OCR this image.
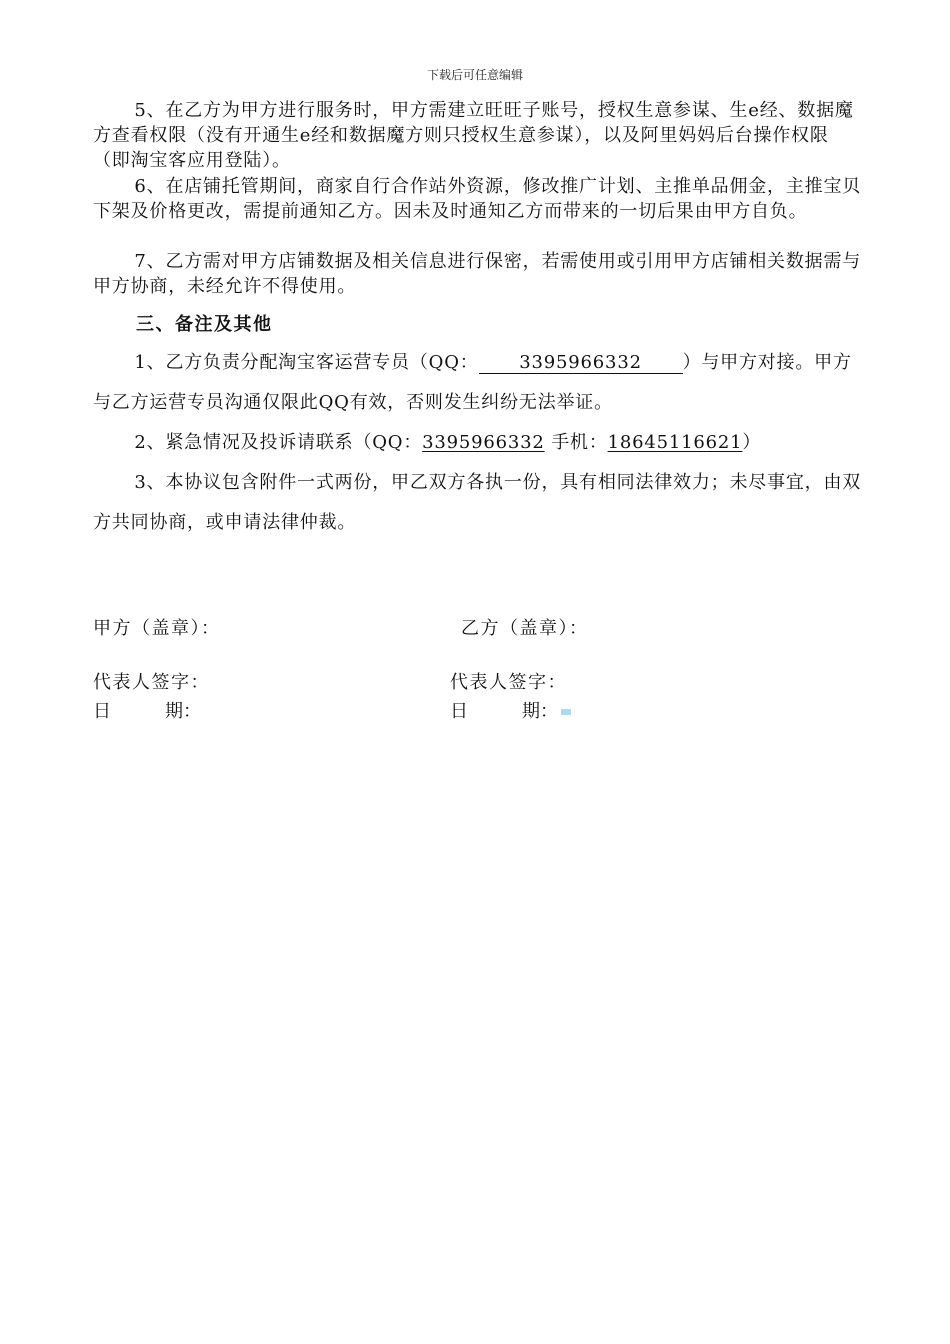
下载后可任意编辑
5、在乙方为甲方进行服务时，甲方需建立旺旺子账号，授权生意参谋、生e经、数据魔方查看权限（没有开通生e经和数据魔方则只授权生意参谋），以及阿里妈妈后台操作权限（即淘宝客应用登陆）。
6、在店铺托管期间，商家自行合作站外资源，修改推广计划、主推单品佣金，主推宝贝下架及价格更改，需提前通知乙方。因未及时通知乙方而带来的一切后果由甲方自负。
7、乙方需对甲方店铺数据及相关信息进行保密，若需使用或引用甲方店铺相关数据需与甲方协商，未经允许不得使用。
三、备注及其他
1、乙方负责分配淘宝客运营专员（QQ： 3395966332 ）与甲方对接。甲方与乙方运营专员沟通仅限此QQ有效，否则发生纠纷无法举证。
2、紧急情况及投诉请联系（QQ：3395966332 手机：18645116621）
3、本协议包含附件一式两份，甲乙双方各执一份，具有相同法律效力；未尽事宜，由双方共同协商，或申请法律仲裁。
甲方（盖章）：	乙方（盖章）：
代表人签字：	代表人签字：
日	期：	日	期：
